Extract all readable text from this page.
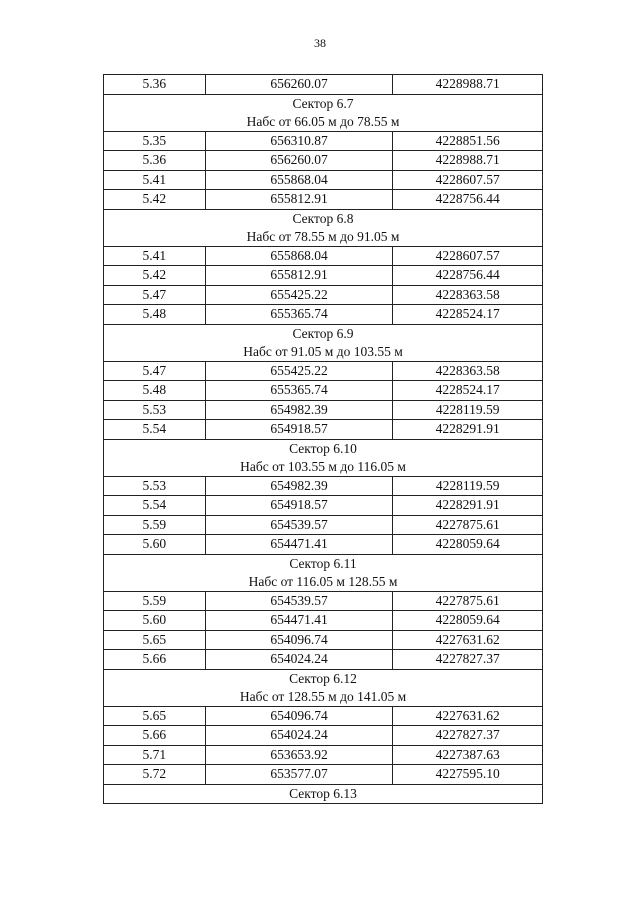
38
5.36	656260.07	4228988.71

Сектор 6.7
Набс от 66.05 м до 78.55 м		

5.35	656310.87	4228851.56
5.36	656260.07	4228988.71
5.41	655868.04	4228607.57
5.42	655812.91	4228756.44

Сектор 6.8
Набс от 78.55 м до 91.05 м		

5.41	655868.04	4228607.57
5.42	655812.91	4228756.44
5.47	655425.22	4228363.58
5.48	655365.74	4228524.17

Сектор 6.9
Набс от 91.05 м до 103.55 м		

5.47	655425.22	4228363.58
5.48	655365.74	4228524.17
5.53	654982.39	4228119.59
5.54	654918.57	4228291.91

Сектор 6.10
Набс от 103.55 м до 116.05 м		

5.53	654982.39	4228119.59
5.54	654918.57	4228291.91
5.59	654539.57	4227875.61
5.60	654471.41	4228059.64

Сектор 6.11
Набс от 116.05 м 128.55 м		

5.59	654539.57	4227875.61
5.60	654471.41	4228059.64
5.65	654096.74	4227631.62
5.66	654024.24	4227827.37

Сектор 6.12
Набс от 128.55 м до 141.05 м		

5.65	654096.74	4227631.62
5.66	654024.24	4227827.37
5.71	653653.92	4227387.63
5.72	653577.07	4227595.10
Сектор 6.13		
